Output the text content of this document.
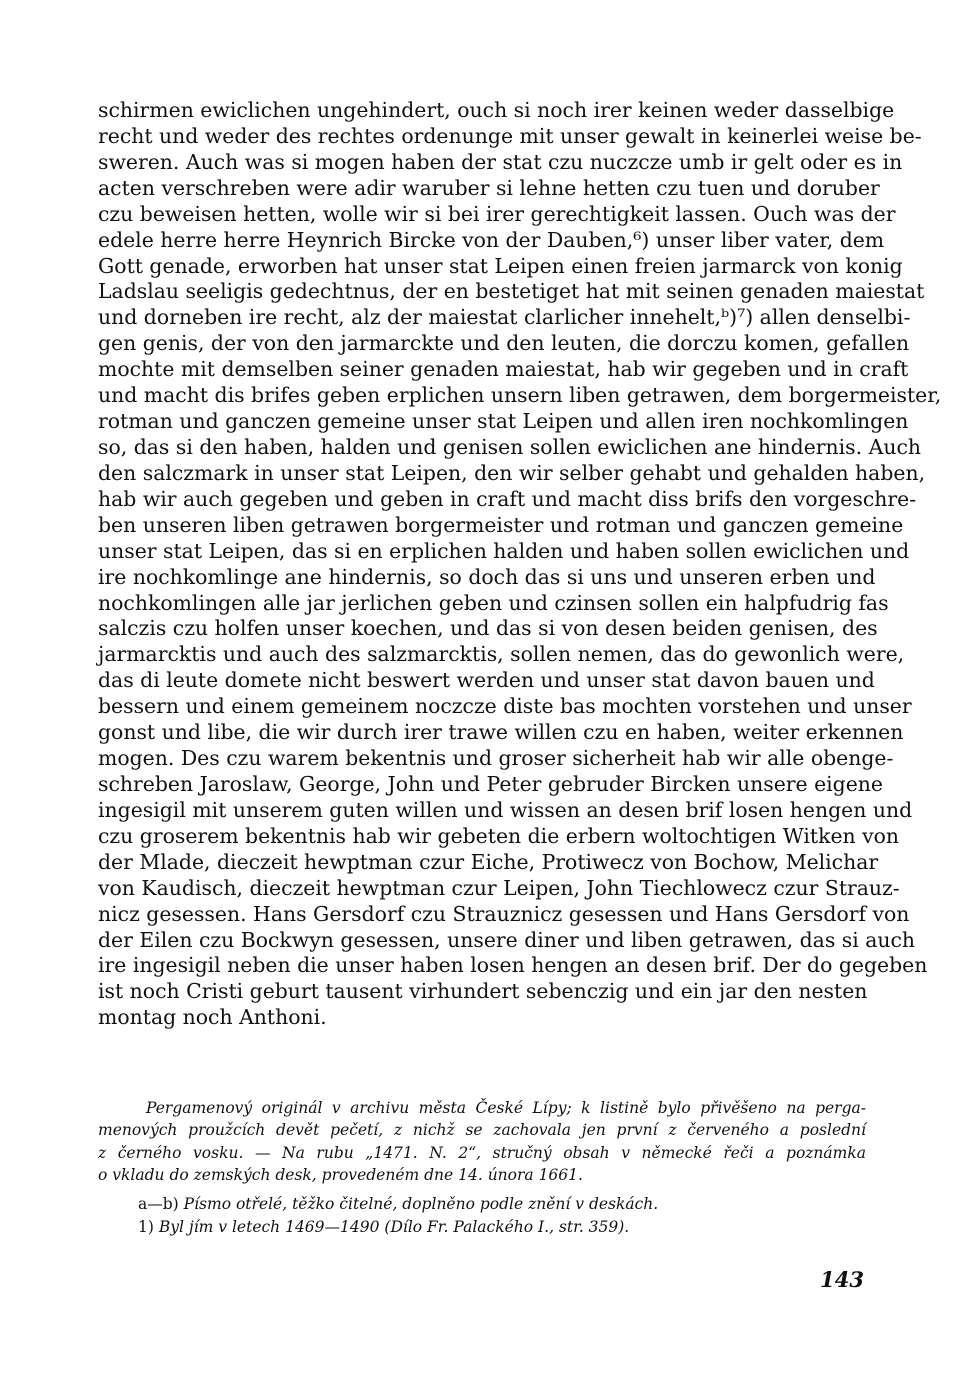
schirmen ewiclichen ungehindert, ouch si noch irer keinen weder dasselbige
recht und weder des rechtes ordenunge mit unser gewalt in keinerlei weise be-
sweren. Auch was si mogen haben der stat czu nuczcze umb ir gelt oder es in
acten verschreben were adir waruber si lehne hetten czu tuen und doruber
czu beweisen hetten, wolle wir si bei irer gerechtigkeit lassen. Ouch was der
edele herre herre Heynrich Bircke von der Dauben,⁶) unser liber vater, dem
Gott genade, erworben hat unser stat Leipen einen freien jarmarck von konig
Ladslau seeligis gedechtnus, der en bestetiget hat mit seinen genaden maiestat
und dorneben ire recht, alz der maiestat clarlicher innehelt,ᵇ)⁷) allen denselbi-
gen genis, der von den jarmarckte und den leuten, die dorczu komen, gefallen
mochte mit demselben seiner genaden maiestat, hab wir gegeben und in craft
und macht dis brifes geben erplichen unsern liben getrawen, dem borgermeister,
rotman und ganczen gemeine unser stat Leipen und allen iren nochkomlingen
so, das si den haben, halden und genisen sollen ewiclichen ane hindernis. Auch
den salczmark in unser stat Leipen, den wir selber gehabt und gehalden haben,
hab wir auch gegeben und geben in craft und macht diss brifs den vorgeschre-
ben unseren liben getrawen borgermeister und rotman und ganczen gemeine
unser stat Leipen, das si en erplichen halden und haben sollen ewiclichen und
ire nochkomlinge ane hindernis, so doch das si uns und unseren erben und
nochkomlingen alle jar jerlichen geben und czinsen sollen ein halpfudrig fas
salczis czu holfen unser koechen, und das si von desen beiden genisen, des
jarmarcktis und auch des salzmarcktis, sollen nemen, das do gewonlich were,
das di leute domete nicht beswert werden und unser stat davon bauen und
bessern und einem gemeinem noczcze diste bas mochten vorstehen und unser
gonst und libe, die wir durch irer trawe willen czu en haben, weiter erkennen
mogen. Des czu warem bekentnis und groser sicherheit hab wir alle obenge-
schreben Jaroslaw, George, John und Peter gebruder Bircken unsere eigene
ingesigil mit unserem guten willen und wissen an desen brif losen hengen und
czu groserem bekentnis hab wir gebeten die erbern woltochtigen Witken von
der Mlade, dieczeit hewptman czur Eiche, Protiwecz von Bochow, Melichar
von Kaudisch, dieczeit hewptman czur Leipen, John Tiechlowecz czur Strauz-
nicz gesessen. Hans Gersdorf czu Strauznicz gesessen und Hans Gersdorf von
der Eilen czu Bockwyn gesessen, unsere diner und liben getrawen, das si auch
ire ingesigil neben die unser haben losen hengen an desen brif. Der do gegeben
ist noch Cristi geburt tausent virhundert sebenczig und ein jar den nesten
montag noch Anthoni.
Pergamenový originál v archivu města České Lípy; k listině bylo přivěšeno na perga-
menových proužcích devět pečetí, z nichž se zachovala jen první z červeného a poslední
z černého vosku. — Na rubu „1471. N. 2“, stručný obsah v německé řeči a poznámka
o vkladu do zemských desk, provedeném dne 14. února 1661.
a—b) Písmo otřelé, těžko čitelné, doplněno podle znění v deskách.
1) Byl jím v letech 1469—1490 (Dílo Fr. Palackého I., str. 359).
143
